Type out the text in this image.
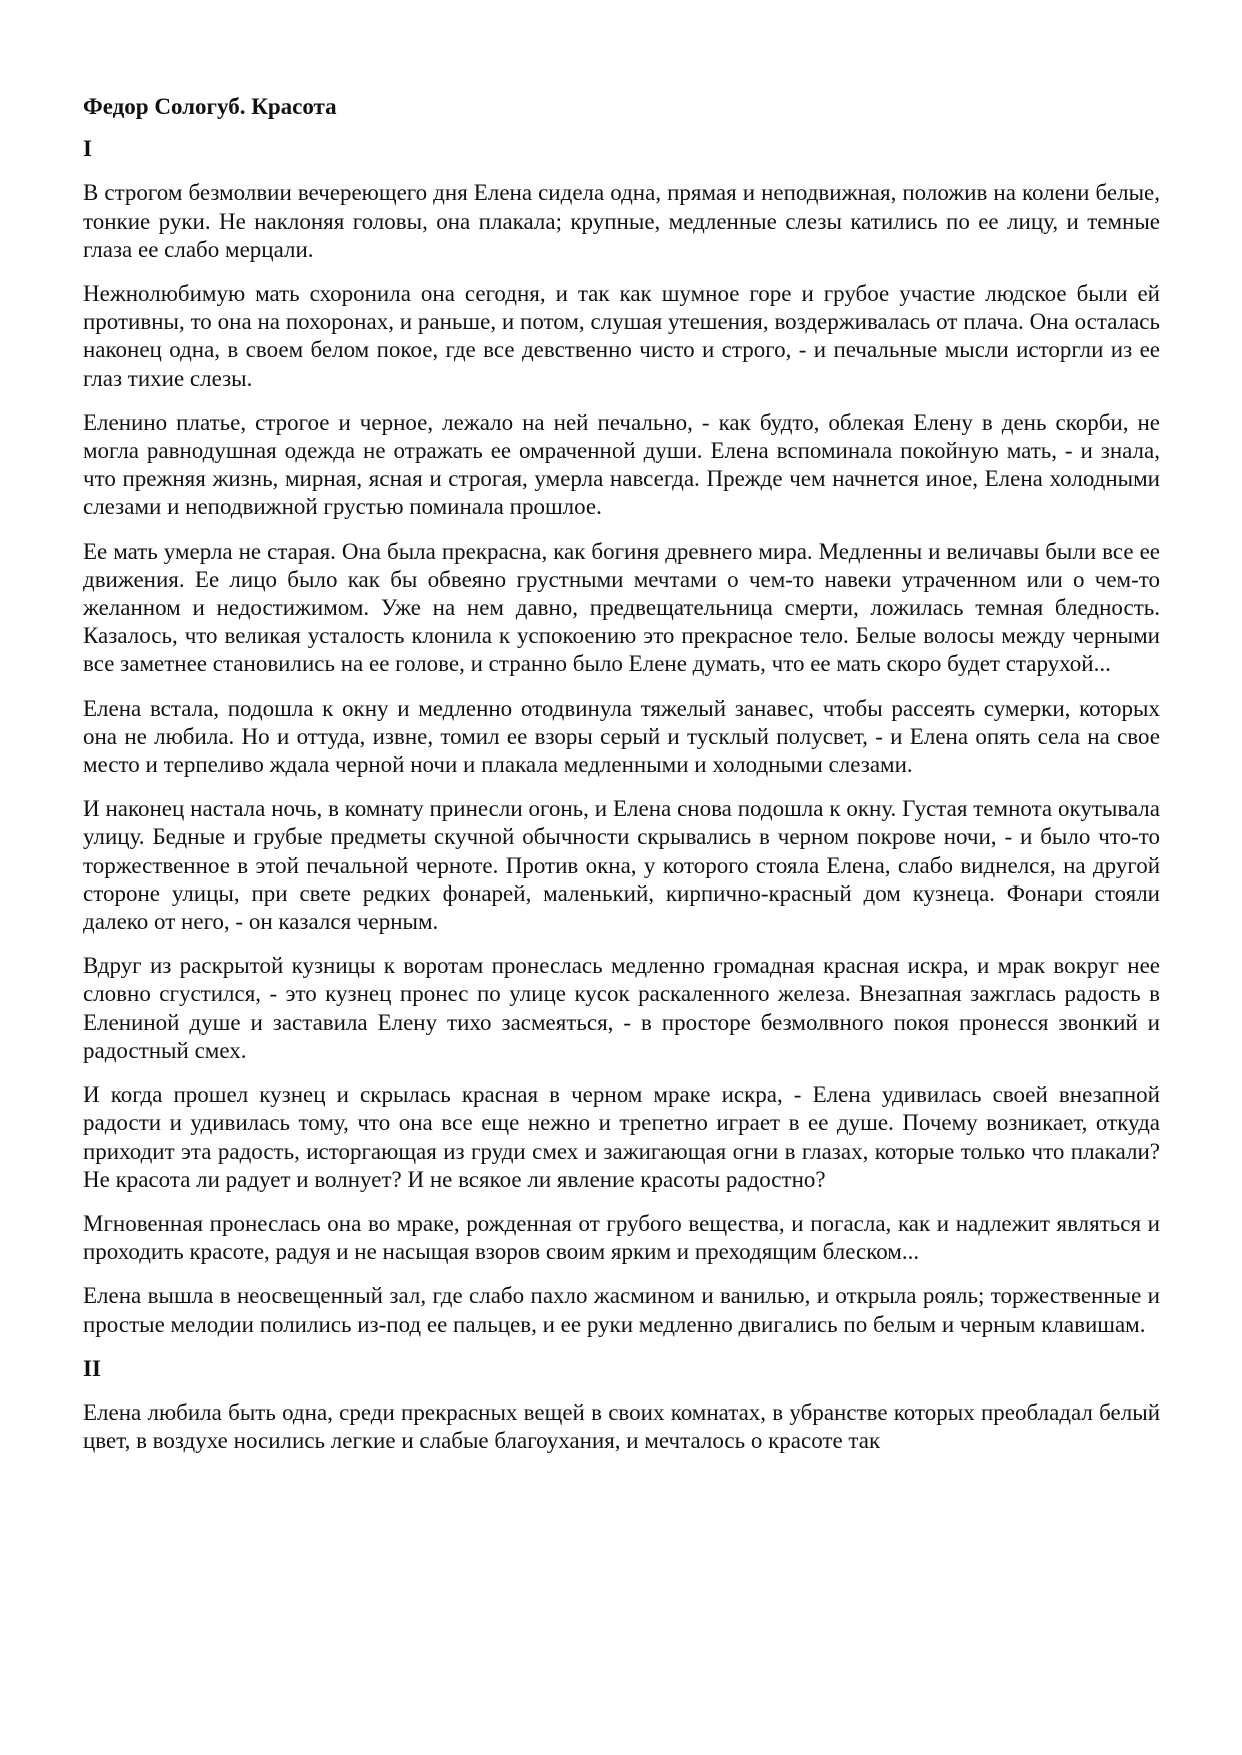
Федор Сологуб. Красота
I

В строгом безмолвии вечереющего дня Елена сидела одна, прямая и неподвижная, положив на колени белые, тонкие руки. Не наклоняя головы, она плакала; крупные, медленные слезы катились по ее лицу, и темные глаза ее слабо мерцали.

Нежнолюбимую мать схоронила она сегодня, и так как шумное горе и грубое участие людское были ей противны, то она на похоронах, и раньше, и потом, слушая утешения, воздерживалась от плача. Она осталась наконец одна, в своем белом покое, где все девственно чисто и строго, - и печальные мысли исторгли из ее глаз тихие слезы.

Еленино платье, строгое и черное, лежало на ней печально, - как будто, облекая Елену в день скорби, не могла равнодушная одежда не отражать ее омраченной души. Елена вспоминала покойную мать, - и знала, что прежняя жизнь, мирная, ясная и строгая, умерла навсегда. Прежде чем начнется иное, Елена холодными слезами и неподвижной грустью поминала прошлое.

Ее мать умерла не старая. Она была прекрасна, как богиня древнего мира. Медленны и величавы были все ее движения. Ее лицо было как бы обвеяно грустными мечтами о чем-то навеки утраченном или о чем-то желанном и недостижимом. Уже на нем давно, предвещательница смерти, ложилась темная бледность. Казалось, что великая усталость клонила к успокоению это прекрасное тело. Белые волосы между черными все заметнее становились на ее голове, и странно было Елене думать, что ее мать скоро будет старухой...

Елена встала, подошла к окну и медленно отодвинула тяжелый занавес, чтобы рассеять сумерки, которых она не любила. Но и оттуда, извне, томил ее взоры серый и тусклый полусвет, - и Елена опять села на свое место и терпеливо ждала черной ночи и плакала медленными и холодными слезами.

И наконец настала ночь, в комнату принесли огонь, и Елена снова подошла к окну. Густая темнота окутывала улицу. Бедные и грубые предметы скучной обычности скрывались в черном покрове ночи, - и было что-то торжественное в этой печальной черноте. Против окна, у которого стояла Елена, слабо виднелся, на другой стороне улицы, при свете редких фонарей, маленький, кирпично-красный дом кузнеца. Фонари стояли далеко от него, - он казался черным.

Вдруг из раскрытой кузницы к воротам пронеслась медленно громадная красная искра, и мрак вокруг нее словно сгустился, - это кузнец пронес по улице кусок раскаленного железа. Внезапная зажглась радость в Елениной душе и заставила Елену тихо засмеяться, - в просторе безмолвного покоя пронесся звонкий и радостный смех.

И когда прошел кузнец и скрылась красная в черном мраке искра, - Елена удивилась своей внезапной радости и удивилась тому, что она все еще нежно и трепетно играет в ее душе. Почему возникает, откуда приходит эта радость, исторгающая из груди смех и зажигающая огни в глазах, которые только что плакали? Не красота ли радует и волнует? И не всякое ли явление красоты радостно?

Мгновенная пронеслась она во мраке, рожденная от грубого вещества, и погасла, как и надлежит являться и проходить красоте, радуя и не насыщая взоров своим ярким и преходящим блеском...

Елена вышла в неосвещенный зал, где слабо пахло жасмином и ванилью, и открыла рояль; торжественные и простые мелодии полились из-под ее пальцев, и ее руки медленно двигались по белым и черным клавишам.

II

Елена любила быть одна, среди прекрасных вещей в своих комнатах, в убранстве которых преобладал белый цвет, в воздухе носились легкие и слабые благоухания, и мечталось о красоте так
